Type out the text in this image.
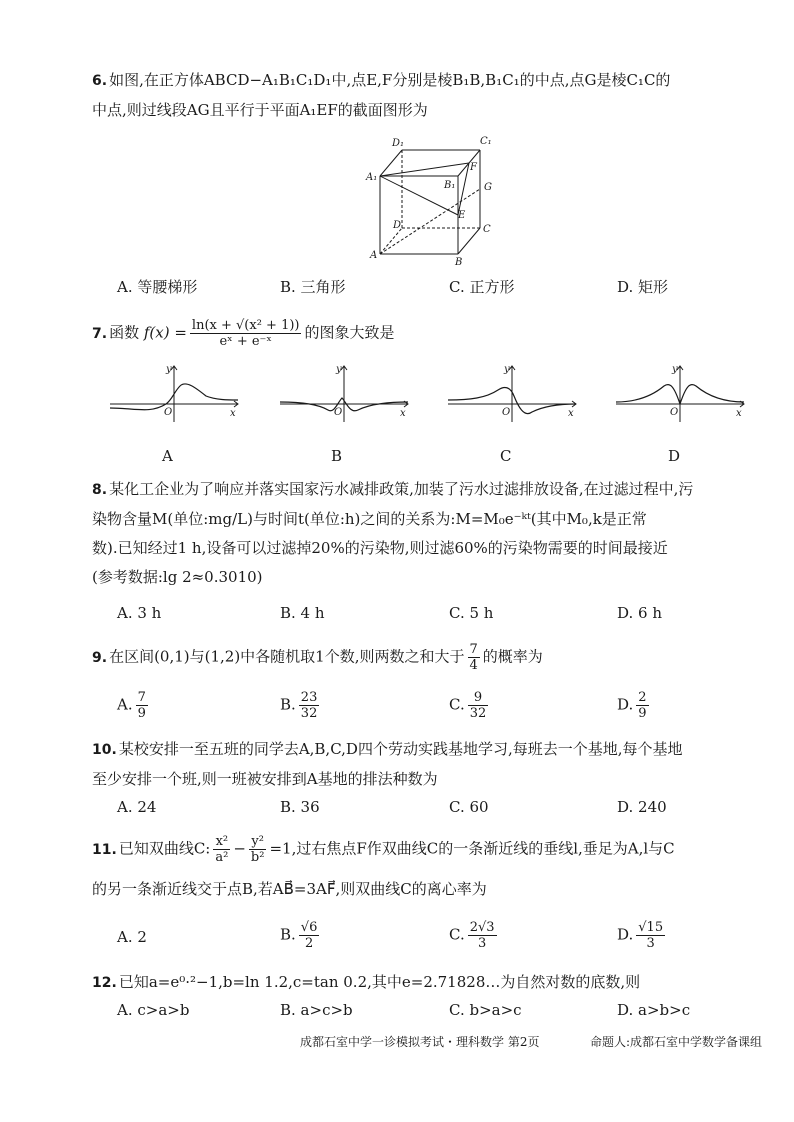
6. 如图,在正方体ABCD−A₁B₁C₁D₁中,点E,F分别是棱B₁B,B₁C₁的中点,点G是棱C₁C的
中点,则过线段AG且平行于平面A₁EF的截面图形为
D₁	C₁
A₁
B₁
F
G
D
E
C
A
B
A. 等腰梯形	B. 三角形	C. 正方形	D. 矩形
7. 函数 $f(x) = \frac{\text{ln(x + √(x² + 1))}}{\text{eˣ + e⁻ˣ}}$ 的图象大致是
y
O	x
y
O	x
y
O	x
y
O	x
A	B	C	D
8. 某化工企业为了响应并落实国家污水减排政策,加装了污水过滤排放设备,在过滤过程中,污
染物含量M(单位:mg/L)与时间t(单位:h)之间的关系为:M=M₀e⁻ᵏᵗ(其中M₀,k是正常
数).已知经过1 h,设备可以过滤掉20%的污染物,则过滤60%的污染物需要的时间最接近
(参考数据:lg 2≈0.3010)
A. 3 h	B. 4 h	C. 5 h	D. 6 h
9. 在区间(0,1)与(1,2)中各随机取1个数,则两数之和大于 $\frac{7}{4}$ 的概率为
A. $\frac{7}{9}$	B. $\frac{23}{32}$	C. $\frac{9}{32}$	D. $\frac{2}{9}$
10. 某校安排一至五班的同学去A,B,C,D四个劳动实践基地学习,每班去一个基地,每个基地
至少安排一个班,则一班被安排到A基地的排法种数为
A. 24	B. 36	C. 60	D. 240
11. 已知双曲线C: $\frac{\text{x²}}{\text{a²}} - \frac{\text{y²}}{\text{b²}} =1$,过右焦点F作双曲线C的一条渐近线的垂线l,垂足为A,l与C
的另一条渐近线交于点B,若AB⃗=3AF⃗,则双曲线C的离心率为
A. 2	B. $\frac{√6}{2}$	C. $\frac{2√3}{3}$	D. $\frac{√15}{3}$
12. 已知a=e⁰·²−1,b=ln 1.2,c=tan 0.2,其中e=2.71828…为自然对数的底数,则
A. c>a>b	B. a>c>b	C. b>a>c	D. a>b>c
成都石室中学一诊模拟考试・理科数学 第2页	命题人:成都石室中学数学备课组
